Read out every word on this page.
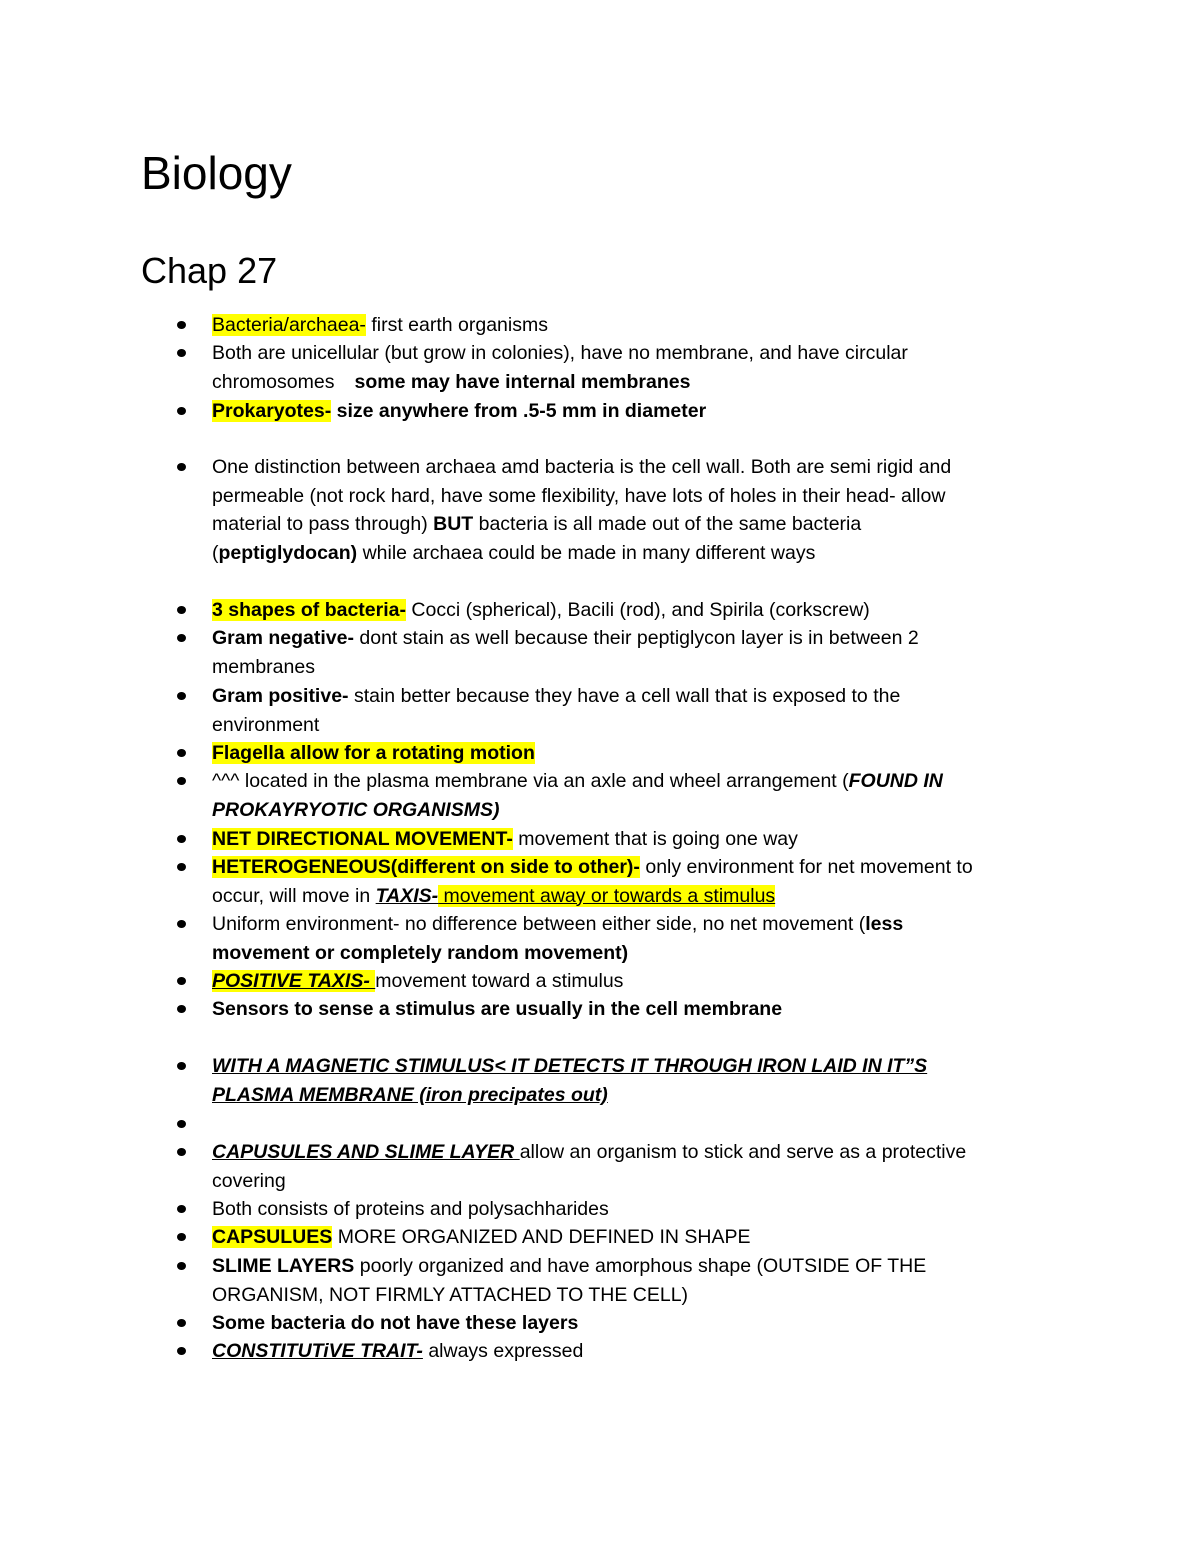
Biology
Chap 27
Bacteria/archaea- first earth organisms
Both are unicellular (but grow in colonies), have no membrane, and have circular
chromosomes some may have internal membranes
Prokaryotes- size anywhere from .5-5 mm in diameter
One distinction between archaea amd bacteria is the cell wall. Both are semi rigid and
permeable (not rock hard, have some flexibility, have lots of holes in their head- allow
material to pass through) BUT bacteria is all made out of the same bacteria
(peptiglydocan) while archaea could be made in many different ways
3 shapes of bacteria- Cocci (spherical), Bacili (rod), and Spirila (corkscrew)
Gram negative- dont stain as well because their peptiglycon layer is in between 2
membranes
Gram positive- stain better because they have a cell wall that is exposed to the
environment
Flagella allow for a rotating motion
^^^ located in the plasma membrane via an axle and wheel arrangement (FOUND IN
PROKAYRYOTIC ORGANISMS)
NET DIRECTIONAL MOVEMENT- movement that is going one way
HETEROGENEOUS(different on side to other)- only environment for net movement to
occur, will move in TAXIS- movement away or towards a stimulus
Uniform environment- no difference between either side, no net movement (less
movement or completely random movement)
POSITIVE TAXIS- movement toward a stimulus
Sensors to sense a stimulus are usually in the cell membrane
WITH A MAGNETIC STIMULUS< IT DETECTS IT THROUGH IRON LAID IN IT”S
PLASMA MEMBRANE (iron precipates out)
CAPUSULES AND SLIME LAYER allow an organism to stick and serve as a protective
covering
Both consists of proteins and polysachharides
CAPSULUES MORE ORGANIZED AND DEFINED IN SHAPE
SLIME LAYERS poorly organized and have amorphous shape (OUTSIDE OF THE
ORGANISM, NOT FIRMLY ATTACHED TO THE CELL)
Some bacteria do not have these layers
CONSTITUTiVE TRAIT- always expressed
